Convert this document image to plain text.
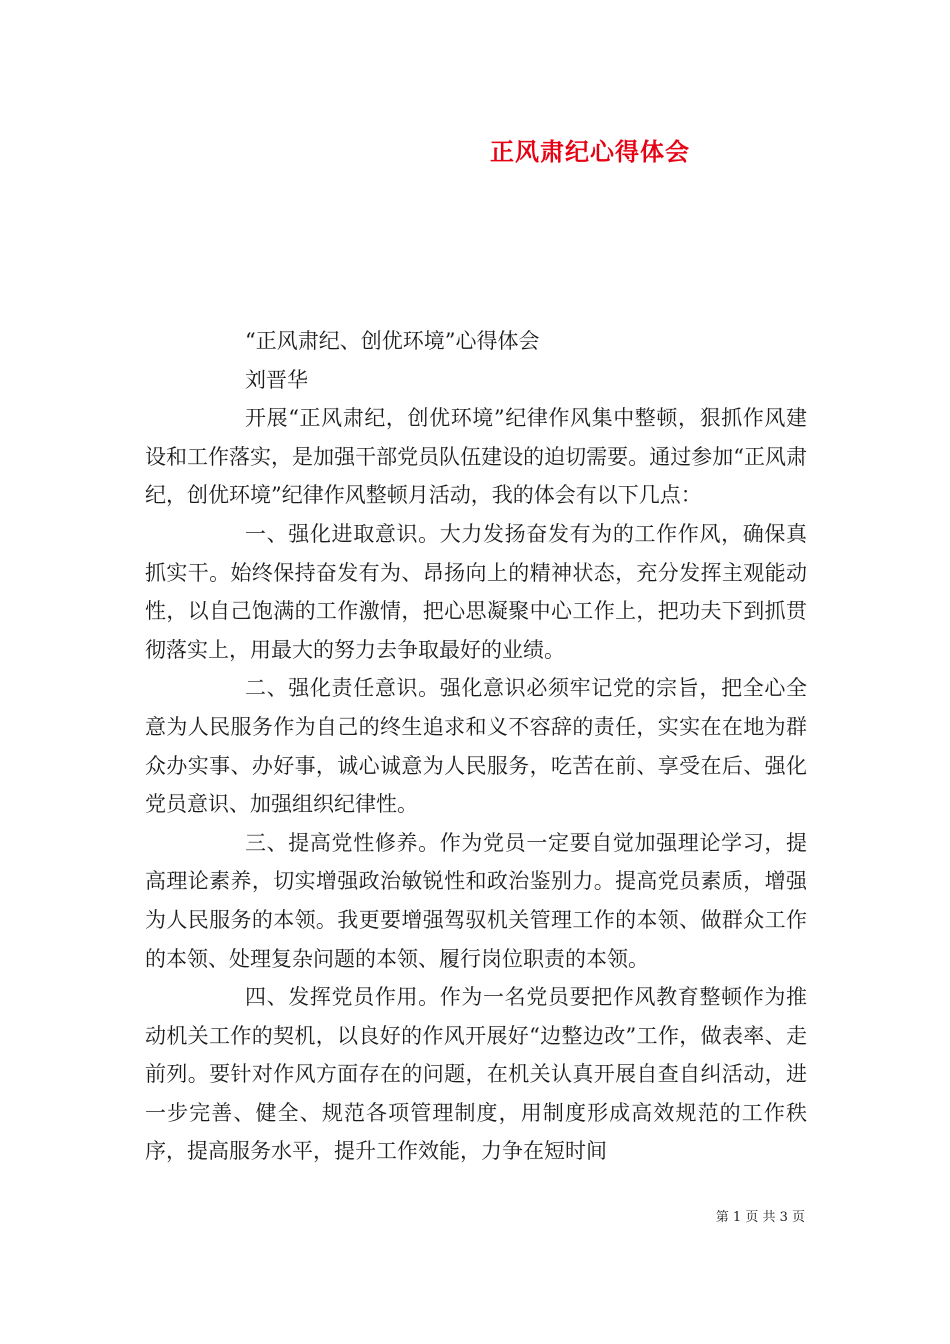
正风肃纪心得体会

“正风肃纪、创优环境”心得体会

刘晋华

开展“正风肃纪，创优环境”纪律作风集中整顿，狠抓作风建设和工作落实，是加强干部党员队伍建设的迫切需要。通过参加“正风肃纪，创优环境”纪律作风整顿月活动，我的体会有以下几点：

一、强化进取意识。大力发扬奋发有为的工作作风，确保真抓实干。始终保持奋发有为、昂扬向上的精神状态，充分发挥主观能动性，以自己饱满的工作激情，把心思凝聚中心工作上，把功夫下到抓贯彻落实上，用最大的努力去争取最好的业绩。

二、强化责任意识。强化意识必须牢记党的宗旨，把全心全意为人民服务作为自己的终生追求和义不容辞的责任，实实在在地为群众办实事、办好事，诚心诚意为人民服务，吃苦在前、享受在后、强化党员意识、加强组织纪律性。

三、提高党性修养。作为党员一定要自觉加强理论学习，提高理论素养，切实增强政治敏锐性和政治鉴别力。提高党员素质，增强为人民服务的本领。我更要增强驾驭机关管理工作的本领、做群众工作的本领、处理复杂问题的本领、履行岗位职责的本领。

四、发挥党员作用。作为一名党员要把作风教育整顿作为推动机关工作的契机，以良好的作风开展好“边整边改”工作，做表率、走前列。要针对作风方面存在的问题，在机关认真开展自查自纠活动，进一步完善、健全、规范各项管理制度，用制度形成高效规范的工作秩序，提高服务水平，提升工作效能，力争在短时间

第 1 页 共 3 页
